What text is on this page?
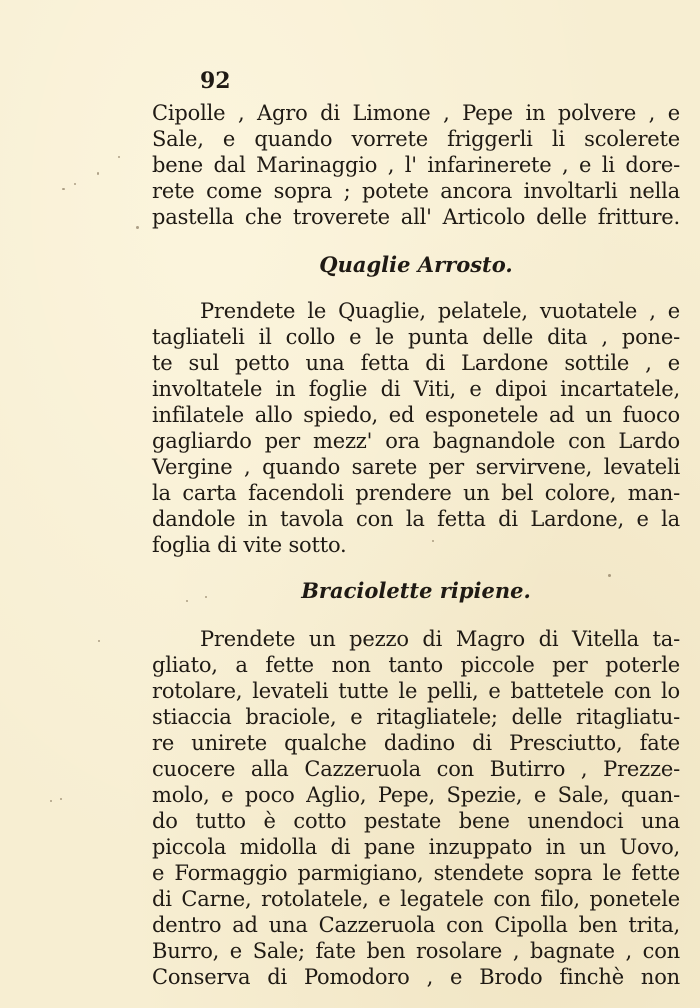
92
Cipolle , Agro di Limone , Pepe in polvere , e
Sale, e quando vorrete friggerli li scolerete
bene dal Marinaggio , l' infarinerete , e li dore-
rete come sopra ; potete ancora involtarli nella
pastella che troverete all' Articolo delle fritture.
Quaglie Arrosto.
Prendete le Quaglie, pelatele, vuotatele , e
tagliateli il collo e le punta delle dita , pone-
te sul petto una fetta di Lardone sottile , e
involtatele in foglie di Viti, e dipoi incartatele,
infilatele allo spiedo, ed esponetele ad un fuoco
gagliardo per mezz' ora bagnandole con Lardo
Vergine , quando sarete per servirvene, levateli
la carta facendoli prendere un bel colore, man-
dandole in tavola con la fetta di Lardone, e la
foglia di vite sotto.
Braciolette ripiene.
Prendete un pezzo di Magro di Vitella ta-
gliato, a fette non tanto piccole per poterle
rotolare, levateli tutte le pelli, e battetele con lo
stiaccia braciole, e ritagliatele; delle ritagliatu-
re unirete qualche dadino di Presciutto, fate
cuocere alla Cazzeruola con Butirro , Prezze-
molo, e poco Aglio, Pepe, Spezie, e Sale, quan-
do tutto è cotto pestate bene unendoci una
piccola midolla di pane inzuppato in un Uovo,
e Formaggio parmigiano, stendete sopra le fette
di Carne, rotolatele, e legatele con filo, ponetele
dentro ad una Cazzeruola con Cipolla ben trita,
Burro, e Sale; fate ben rosolare , bagnate , con
Conserva di Pomodoro , e Brodo finchè non
